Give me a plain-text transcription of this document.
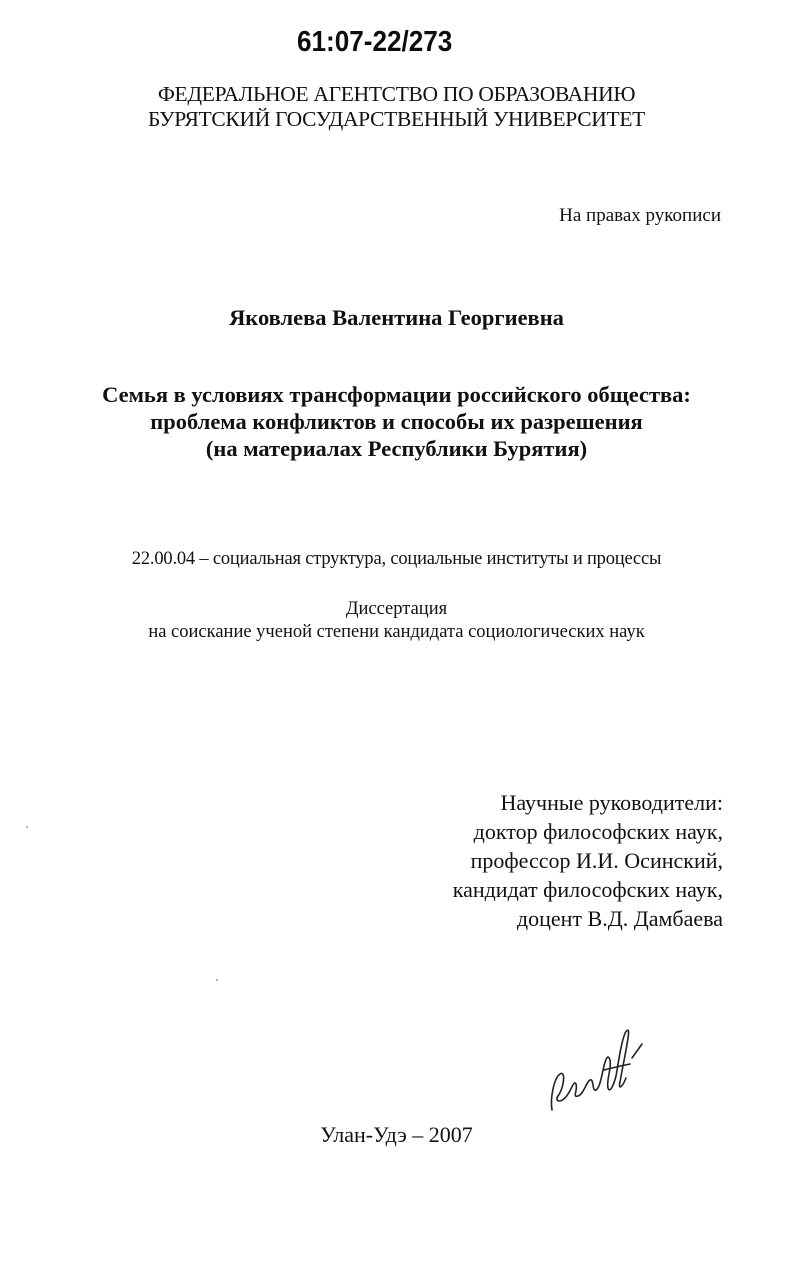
61:07-22/273
ФЕДЕРАЛЬНОЕ АГЕНТСТВО ПО ОБРАЗОВАНИЮ
БУРЯТСКИЙ ГОСУДАРСТВЕННЫЙ УНИВЕРСИТЕТ
На правах рукописи
Яковлева Валентина Георгиевна
Семья в условиях трансформации российского общества:
проблема конфликтов и способы их разрешения
(на материалах Республики Бурятия)
22.00.04 – социальная структура, социальные институты и процессы
Диссертация
на соискание ученой степени кандидата социологических наук
Научные руководители:
доктор философских наук,
профессор И.И. Осинский,
кандидат философских наук,
доцент В.Д. Дамбаева
Улан-Удэ – 2007
